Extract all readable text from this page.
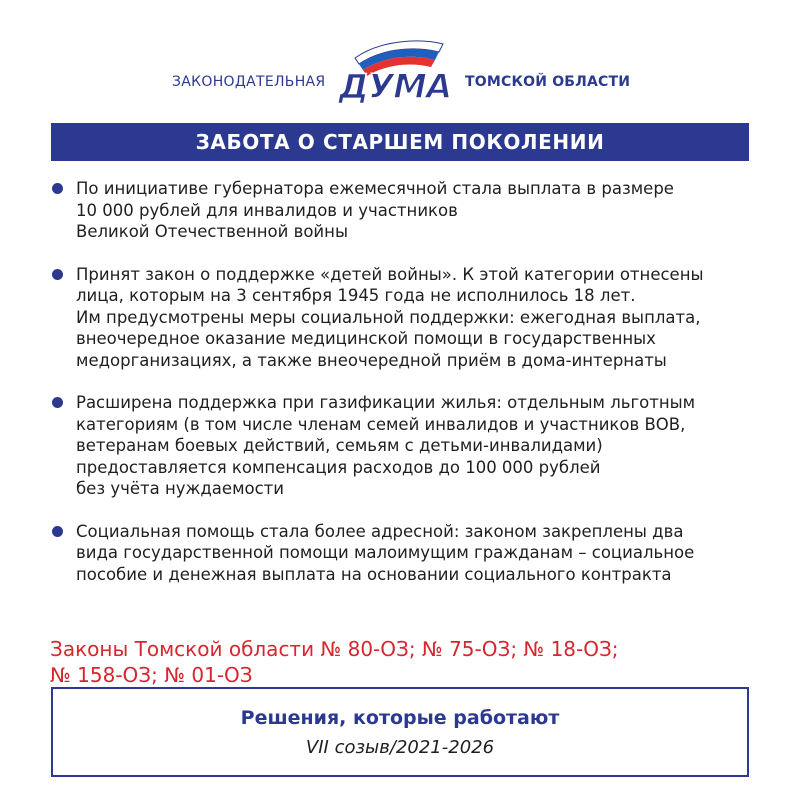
ЗАКОНОДАТЕЛЬНАЯ ДУМА ТОМСКОЙ ОБЛАСТИ
ЗАБОТА О СТАРШЕМ ПОКОЛЕНИИ
По инициативе губернатора ежемесячной стала выплата в размере
10 000 рублей для инвалидов и участников
Великой Отечественной войны
Принят закон о поддержке «детей войны». К этой категории отнесены
лица, которым на 3 сентября 1945 года не исполнилось 18 лет.
Им предусмотрены меры социальной поддержки: ежегодная выплата,
внеочередное оказание медицинской помощи в государственных
медорганизациях, а также внеочередной приём в дома-интернаты
Расширена поддержка при газификации жилья: отдельным льготным
категориям (в том числе членам семей инвалидов и участников ВОВ,
ветеранам боевых действий, семьям с детьми-инвалидами)
предоставляется компенсация расходов до 100 000 рублей
без учёта нуждаемости
Социальная помощь стала более адресной: законом закреплены два
вида государственной помощи малоимущим гражданам – социальное
пособие и денежная выплата на основании социального контракта
Законы Томской области № 80-ОЗ; № 75-ОЗ; № 18-ОЗ;
№ 158-ОЗ; № 01-ОЗ
Решения, которые работают
VII созыв/2021-2026
